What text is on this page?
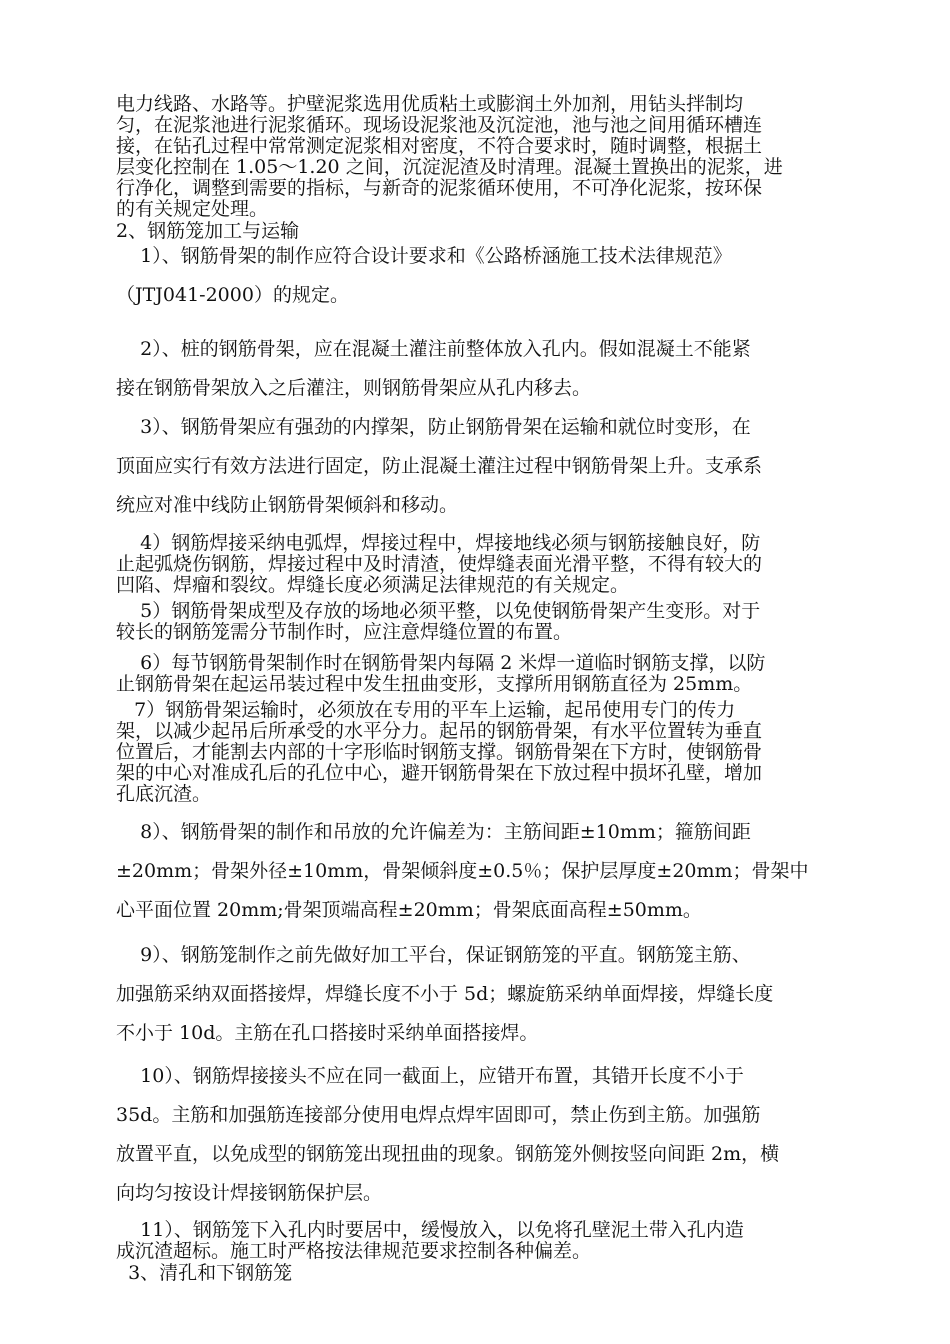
电力线路、水路等。护壁泥浆选用优质粘土或膨润土外加剂，用钻头拌制均

匀，在泥浆池进行泥浆循环。现场设泥浆池及沉淀池，池与池之间用循环槽连

接，在钻孔过程中常常测定泥浆相对密度，不符合要求时，随时调整，根据土

层变化控制在 1.05～1.20 之间，沉淀泥渣及时清理。混凝土置换出的泥浆，进

行净化，调整到需要的指标，与新奇的泥浆循环使用，不可净化泥浆，按环保

的有关规定处理。

2、钢筋笼加工与运输

1）、钢筋骨架的制作应符合设计要求和《公路桥涵施工技术法律规范》

（JTJ041-2000）的规定。

2）、桩的钢筋骨架，应在混凝土灌注前整体放入孔内。假如混凝土不能紧

接在钢筋骨架放入之后灌注，则钢筋骨架应从孔内移去。

3）、钢筋骨架应有强劲的内撑架，防止钢筋骨架在运输和就位时变形，在

顶面应实行有效方法进行固定，防止混凝土灌注过程中钢筋骨架上升。支承系

统应对准中线防止钢筋骨架倾斜和移动。

4）钢筋焊接采纳电弧焊，焊接过程中，焊接地线必须与钢筋接触良好，防

止起弧烧伤钢筋，焊接过程中及时清渣，使焊缝表面光滑平整，不得有较大的

凹陷、焊瘤和裂纹。焊缝长度必须满足法律规范的有关规定。

5）钢筋骨架成型及存放的场地必须平整，以免使钢筋骨架产生变形。对于

较长的钢筋笼需分节制作时，应注意焊缝位置的布置。

6）每节钢筋骨架制作时在钢筋骨架内每隔 2 米焊一道临时钢筋支撑，以防

止钢筋骨架在起运吊装过程中发生扭曲变形，支撑所用钢筋直径为 25mm。

7）钢筋骨架运输时，必须放在专用的平车上运输，起吊使用专门的传力

架，以减少起吊后所承受的水平分力。起吊的钢筋骨架，有水平位置转为垂直

位置后，才能割去内部的十字形临时钢筋支撑。钢筋骨架在下方时，使钢筋骨

架的中心对准成孔后的孔位中心，避开钢筋骨架在下放过程中损坏孔壁，增加

孔底沉渣。

8）、钢筋骨架的制作和吊放的允许偏差为：主筋间距±10mm；箍筋间距

±20mm；骨架外径±10mm，骨架倾斜度±0.5％；保护层厚度±20mm；骨架中

心平面位置 20mm;骨架顶端高程±20mm；骨架底面高程±50mm。

9）、钢筋笼制作之前先做好加工平台，保证钢筋笼的平直。钢筋笼主筋、

加强筋采纳双面搭接焊，焊缝长度不小于 5d；螺旋筋采纳单面焊接，焊缝长度

不小于 10d。主筋在孔口搭接时采纳单面搭接焊。

10）、钢筋焊接接头不应在同一截面上，应错开布置，其错开长度不小于

35d。主筋和加强筋连接部分使用电焊点焊牢固即可，禁止伤到主筋。加强筋

放置平直，以免成型的钢筋笼出现扭曲的现象。钢筋笼外侧按竖向间距 2m，横

向均匀按设计焊接钢筋保护层。

11）、钢筋笼下入孔内时要居中，缓慢放入，以免将孔壁泥土带入孔内造

成沉渣超标。施工时严格按法律规范要求控制各种偏差。

3、清孔和下钢筋笼
